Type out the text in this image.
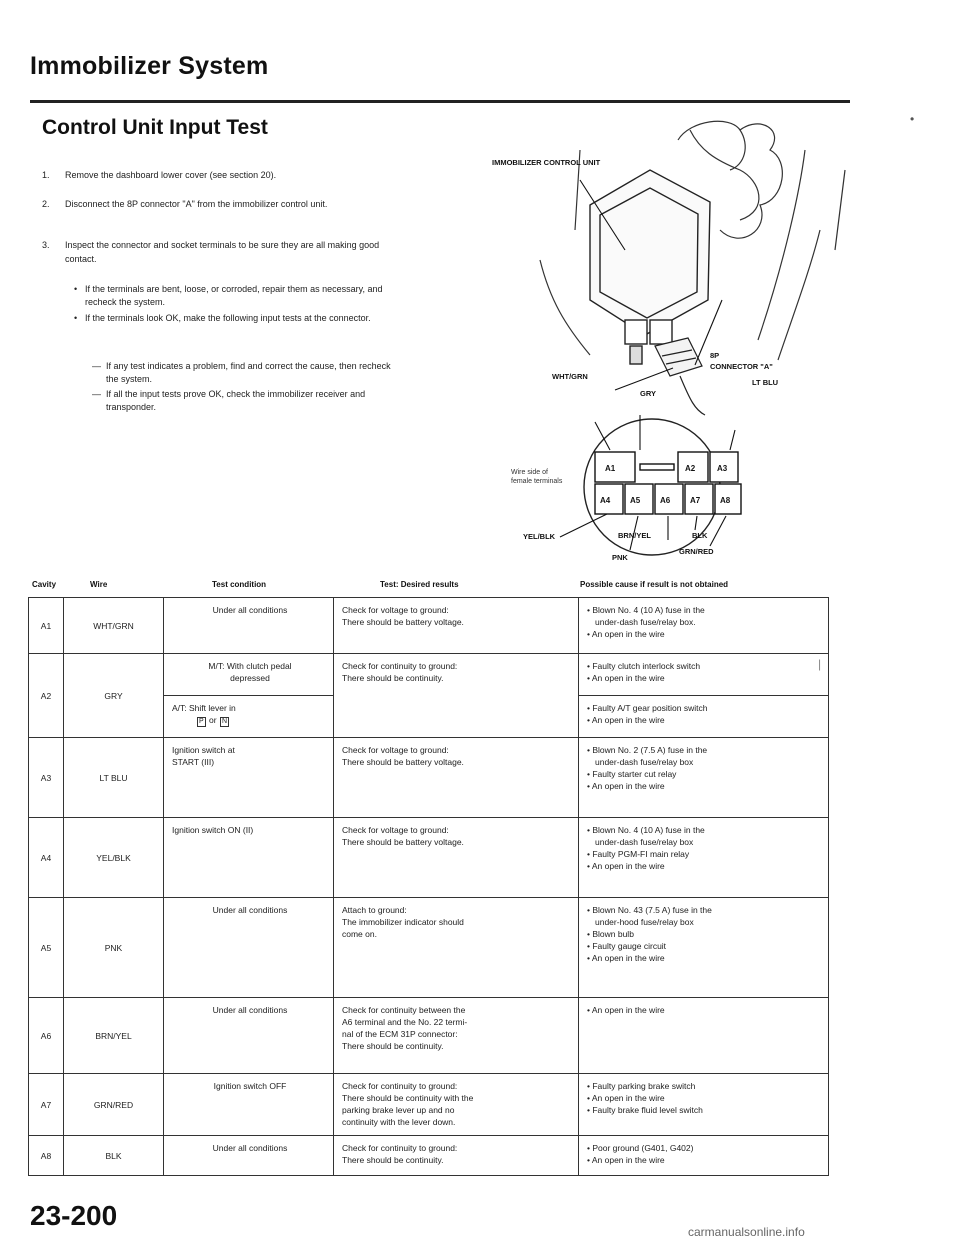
Immobilizer System
Control Unit Input Test	•
1. Remove the dashboard lower cover (see section 20).
2. Disconnect the 8P connector "A" from the immobilizer control unit.
3. Inspect the connector and socket terminals to be sure they are all making good contact.
• If the terminals are bent, loose, or corroded, repair them as necessary, and recheck the system.
• If the terminals look OK, make the following input tests at the connector.
— If any test indicates a problem, find and correct the cause, then recheck the system.
— If all the input tests prove OK, check the immobilizer receiver and transponder.
A1	A2	A3
A4 A5 A6 A7 A8
IMMOBILIZER CONTROL UNIT
8P
CONNECTOR "A"
WHT/GRN
GRY
LT BLU
Wire side of
female terminals
YEL/BLK	BRN/YEL	BLK
PNK
GRN/RED
Cavity	Wire	Test condition	Test: Desired results	Possible cause if result is not obtained
A1	WHT/GRN	Under all conditions	Check for voltage to ground:
There should be battery voltage.	• Blown No. 4 (10 A) fuse in the
under-dash fuse/relay box.
• An open in the wire

A2	GRY	M/T: With clutch pedal
depressed	Check for continuity to ground:
There should be continuity.	• Faulty clutch interlock switch
• An open in the wire

		A/T: Shift lever in
P or N		• Faulty A/T gear position switch
• An open in the wire

A3	LT BLU	Ignition switch at
START (III)	Check for voltage to ground:
There should be battery voltage.	• Blown No. 2 (7.5 A) fuse in the
under-dash fuse/relay box
• Faulty starter cut relay
• An open in the wire

A4	YEL/BLK	Ignition switch ON (II)	Check for voltage to ground:
There should be battery voltage.	• Blown No. 4 (10 A) fuse in the
under-dash fuse/relay box
• Faulty PGM-FI main relay
• An open in the wire

A5	PNK	Under all conditions	Attach to ground:
The immobilizer indicator should
come on.	• Blown No. 43 (7.5 A) fuse in the
under-hood fuse/relay box
• Blown bulb
• Faulty gauge circuit
• An open in the wire

A6	BRN/YEL	Under all conditions	Check for continuity between the
A6 terminal and the No. 22 termi-
nal of the ECM 31P connector:
There should be continuity.	• An open in the wire

A7	GRN/RED	Ignition switch OFF	Check for continuity to ground:
There should be continuity with the
parking brake lever up and no
continuity with the lever down.	• Faulty parking brake switch
• An open in the wire
• Faulty brake fluid level switch

A8	BLK	Under all conditions	Check for continuity to ground:
There should be continuity.	• Poor ground (G401, G402)
• An open in the wire
|
23-200
carmanualsonline.info
